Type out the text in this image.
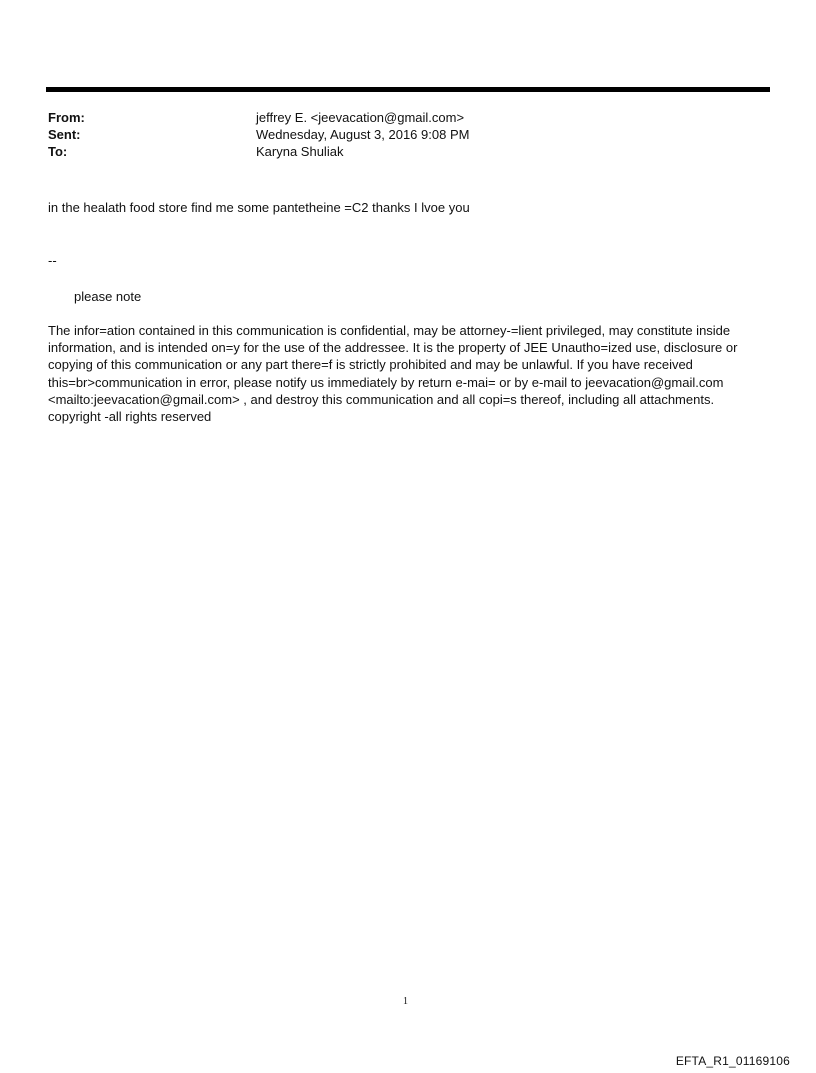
From:	jeffrey E. <jeevacation@gmail.com>
Sent:	Wednesday, August 3, 2016 9:08 PM
To:	Karyna Shuliak
in the healath food store find me some pantetheine =C2 thanks I lvoe you
--
please note
The infor=ation contained in this communication is confidential, may be attorney-=lient privileged, may constitute inside
information, and is intended on=y for the use of the addressee. It is the property of JEE Unautho=ized use, disclosure or
copying of this communication or any part there=f is strictly prohibited and may be unlawful. If you have received
this=br>communication in error, please notify us immediately by return e-mai= or by e-mail to jeevacation@gmail.com
<mailto:jeevacation@gmail.com> , and destroy this communication and all copi=s thereof, including all attachments.
copyright -all rights reserved
1
EFTA_R1_01169106
